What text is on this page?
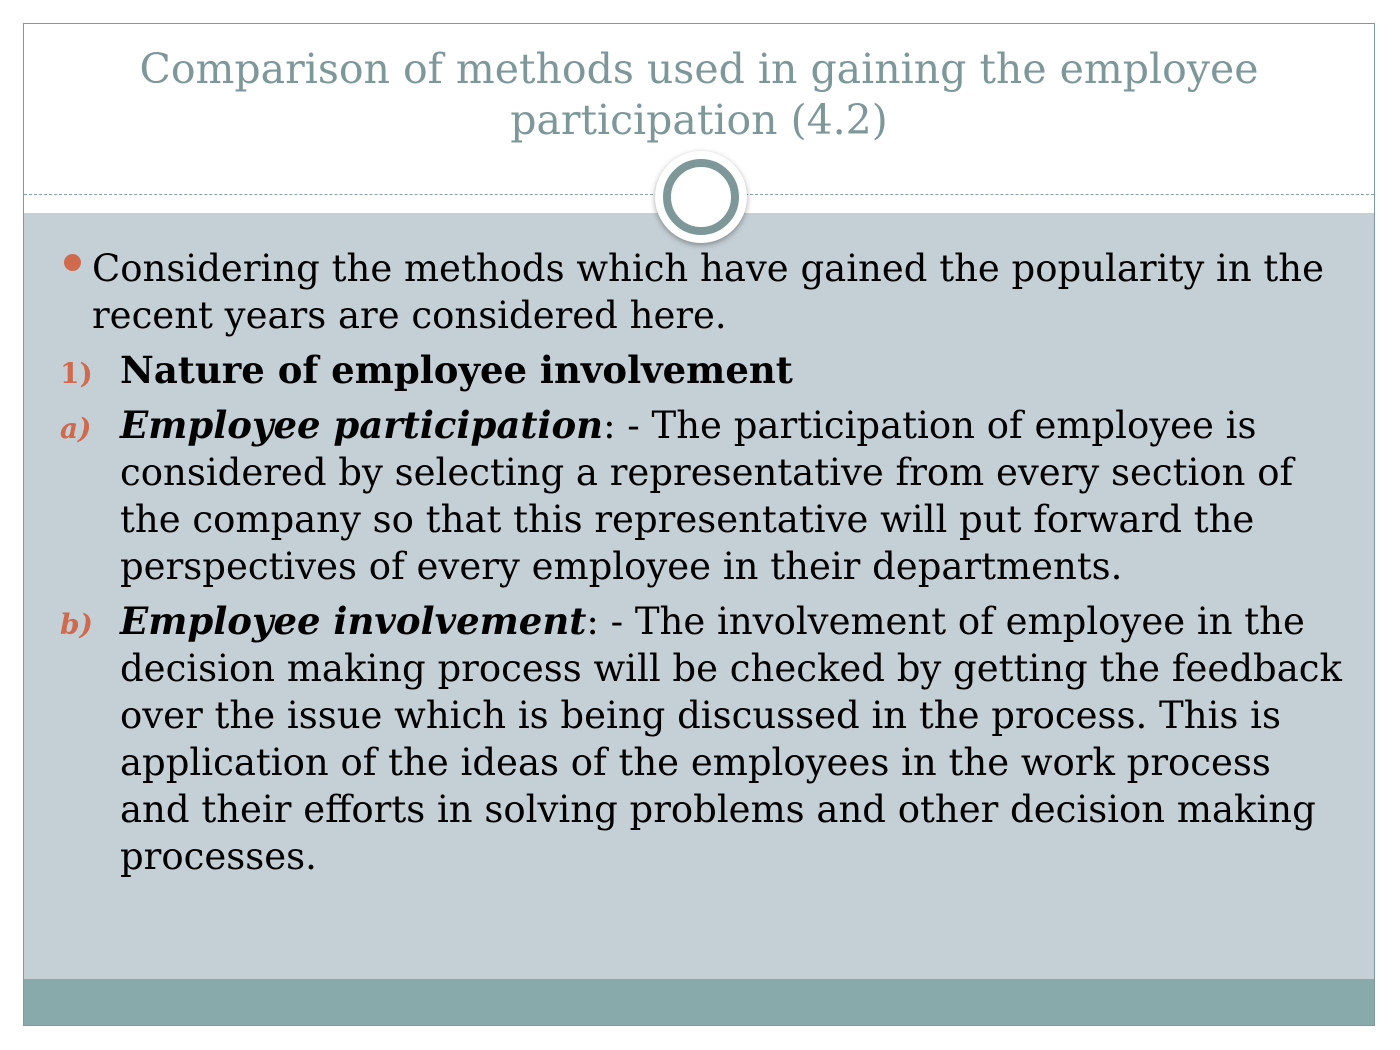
Comparison of methods used in gaining the employee participation (4.2)
Considering the methods which have gained the popularity in the recent years are considered here.
1) Nature of employee involvement
a) Employee participation: - The participation of employee is considered by selecting a representative from every section of the company so that this representative will put forward the perspectives of every employee in their departments.
b) Employee involvement: - The involvement of employee in the decision making process will be checked by getting the feedback over the issue which is being discussed in the process. This is application of the ideas of the employees in the work process and their efforts in solving problems and other decision making processes.
